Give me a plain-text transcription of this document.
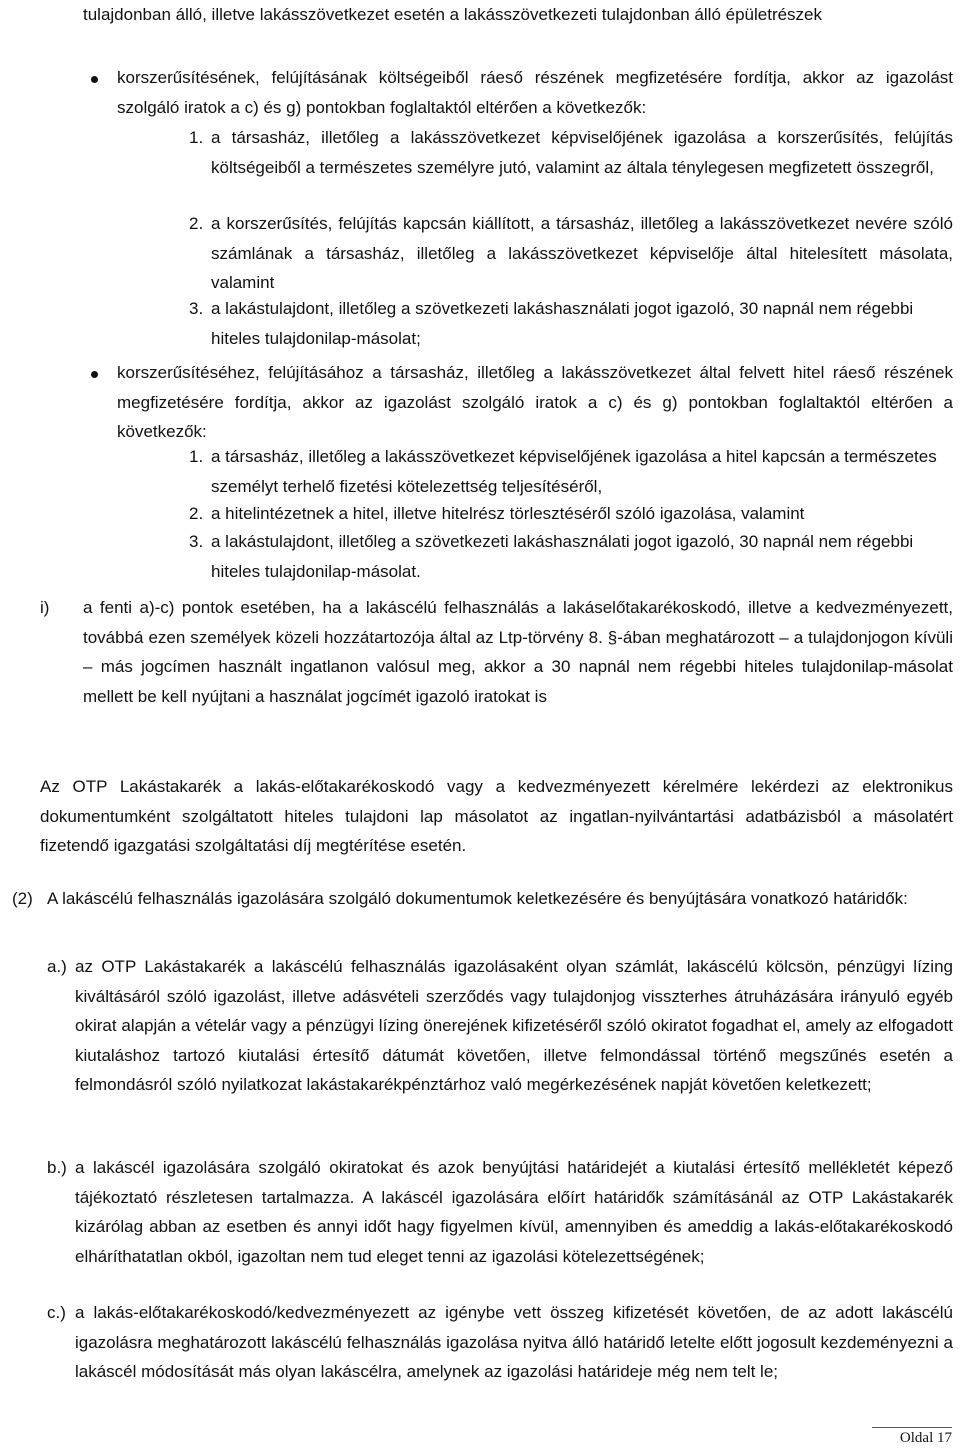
tulajdonban álló, illetve lakásszövetkezet esetén a lakásszövetkezeti tulajdonban álló épületrészek
korszerűsítésének, felújításának költségeiből ráeső részének megfizetésére fordítja, akkor az igazolást szolgáló iratok a c) és g) pontokban foglaltaktól eltérően a következők:
1. a társasház, illetőleg a lakásszövetkezet képviselőjének igazolása a korszerűsítés, felújítás költségeiből a természetes személyre jutó, valamint az általa ténylegesen megfizetett összegről,
2. a korszerűsítés, felújítás kapcsán kiállított, a társasház, illetőleg a lakásszövetkezet nevére szóló számlának a társasház, illetőleg a lakásszövetkezet képviselője által hitelesített másolata, valamint
3. a lakástulajdont, illetőleg a szövetkezeti lakáshasználati jogot igazoló, 30 napnál nem régebbi hiteles tulajdonilap-másolat;
korszerűsítéséhez, felújításához a társasház, illetőleg a lakásszövetkezet által felvett hitel ráeső részének megfizetésére fordítja, akkor az igazolást szolgáló iratok a c) és g) pontokban foglaltaktól eltérően a következők:
1. a társasház, illetőleg a lakásszövetkezet képviselőjének igazolása a hitel kapcsán a természetes személyt terhelő fizetési kötelezettség teljesítéséről,
2. a hitelintézetnek a hitel, illetve hitelrész törlesztéséről szóló igazolása, valamint
3. a lakástulajdont, illetőleg a szövetkezeti lakáshasználati jogot igazoló, 30 napnál nem régebbi hiteles tulajdonilap-másolat.
i) a fenti a)-c) pontok esetében, ha a lakáscélú felhasználás a lakáselőtakarékoskodó, illetve a kedvezményezett, továbbá ezen személyek közeli hozzátartozója által az Ltp-törvény 8. §-ában meghatározott – a tulajdonjogon kívüli – más jogcímen használt ingatlanon valósul meg, akkor a 30 napnál nem régebbi hiteles tulajdonilap-másolat mellett be kell nyújtani a használat jogcímét igazoló iratokat is
Az OTP Lakástakarék a lakás-előtakarékoskodó vagy a kedvezményezett kérelmére lekérdezi az elektronikus dokumentumként szolgáltatott hiteles tulajdoni lap másolatot az ingatlan-nyilvántartási adatbázisból a másolatért fizetendő igazgatási szolgáltatási díj megtérítése esetén.
(2) A lakáscélú felhasználás igazolására szolgáló dokumentumok keletkezésére és benyújtására vonatkozó határidők:
a.) az OTP Lakástakarék a lakáscélú felhasználás igazolásaként olyan számlát, lakáscélú kölcsön, pénzügyi lízing kiváltásáról szóló igazolást, illetve adásvételi szerződés vagy tulajdonjog visszterhes átruházására irányuló egyéb okirat alapján a vételár vagy a pénzügyi lízing önerejének kifizetéséről szóló okiratot fogadhat el, amely az elfogadott kiutaláshoz tartozó kiutalási értesítő dátumát követően, illetve felmondással történő megszűnés esetén a felmondásról szóló nyilatkozat lakástakarékpénztárhoz való megérkezésének napját követően keletkezett;
b.) a lakáscél igazolására szolgáló okiratokat és azok benyújtási határidejét a kiutalási értesítő mellékletét képező tájékoztató részletesen tartalmazza. A lakáscél igazolására előírt határidők számításánál az OTP Lakástakarék kizárólag abban az esetben és annyi időt hagy figyelmen kívül, amennyiben és ameddig a lakás-előtakarékoskodó elháríthatatlan okból, igazoltan nem tud eleget tenni az igazolási kötelezettségének;
c.) a lakás-előtakarékoskodó/kedvezményezett az igénybe vett összeg kifizetését követően, de az adott lakáscélú igazolásra meghatározott lakáscélú felhasználás igazolása nyitva álló határidő letelte előtt jogosult kezdeményezni a lakáscél módosítását más olyan lakáscélra, amelynek az igazolási határideje még nem telt le;
Oldal 17
